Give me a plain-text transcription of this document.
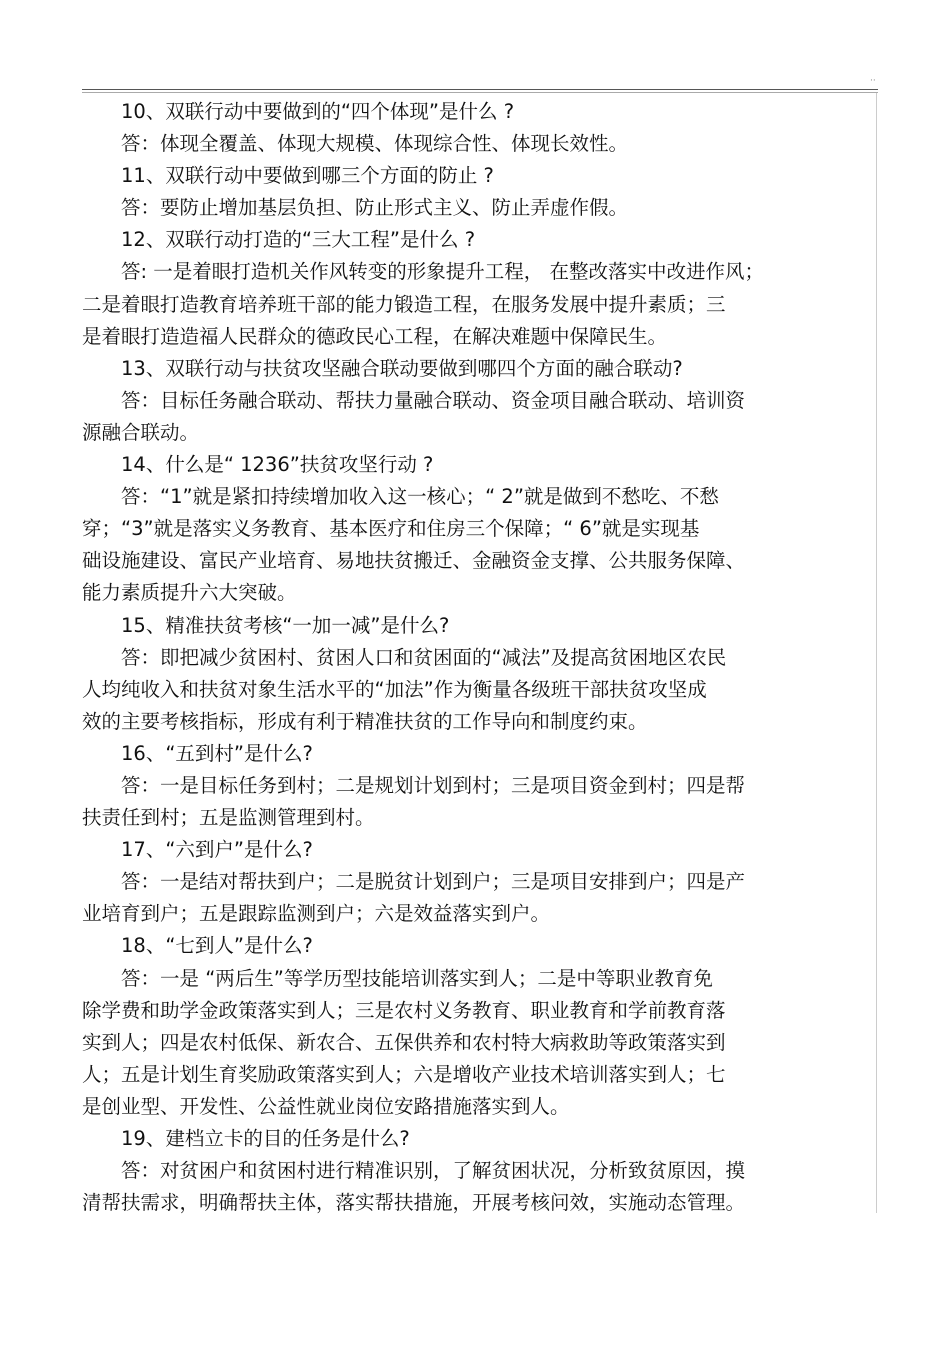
··
10、双联行动中要做到的“四个体现”是什么 ?
答：体现全覆盖、体现大规模、体现综合性、体现长效性。
11、双联行动中要做到哪三个方面的防止 ?
答：要防止增加基层负担、防止形式主义、防止弄虚作假。
12、双联行动打造的“三大工程”是什么 ?
答: 一是着眼打造机关作风转变的形象提升工程， 在整改落实中改进作风；
二是着眼打造教育培养班干部的能力锻造工程，在服务发展中提升素质；三
是着眼打造造福人民群众的德政民心工程，在解决难题中保障民生。
13、双联行动与扶贫攻坚融合联动要做到哪四个方面的融合联动?
答：目标任务融合联动、帮扶力量融合联动、资金项目融合联动、培训资
源融合联动。
14、什么是“ 1236”扶贫攻坚行动 ?
答：“1”就是紧扣持续增加收入这一核心；“ 2”就是做到不愁吃、不愁
穿；“3”就是落实义务教育、基本医疗和住房三个保障；“ 6”就是实现基
础设施建设、富民产业培育、易地扶贫搬迁、金融资金支撑、公共服务保障、
能力素质提升六大突破。
15、精准扶贫考核“一加一减”是什么?
答：即把减少贫困村、贫困人口和贫困面的“减法”及提高贫困地区农民
人均纯收入和扶贫对象生活水平的“加法”作为衡量各级班干部扶贫攻坚成
效的主要考核指标，形成有利于精准扶贫的工作导向和制度约束。
16、“五到村”是什么?
答：一是目标任务到村；二是规划计划到村；三是项目资金到村；四是帮
扶责任到村；五是监测管理到村。
17、“六到户”是什么?
答：一是结对帮扶到户；二是脱贫计划到户；三是项目安排到户；四是产
业培育到户；五是跟踪监测到户；六是效益落实到户。
18、“七到人”是什么?
答：一是 “两后生”等学历型技能培训落实到人；二是中等职业教育免
除学费和助学金政策落实到人；三是农村义务教育、职业教育和学前教育落
实到人；四是农村低保、新农合、五保供养和农村特大病救助等政策落实到
人；五是计划生育奖励政策落实到人；六是增收产业技术培训落实到人；七
是创业型、开发性、公益性就业岗位安路措施落实到人。
19、建档立卡的目的任务是什么?
答：对贫困户和贫困村进行精准识别，了解贫困状况，分析致贫原因，摸
清帮扶需求，明确帮扶主体，落实帮扶措施，开展考核问效，实施动态管理。
